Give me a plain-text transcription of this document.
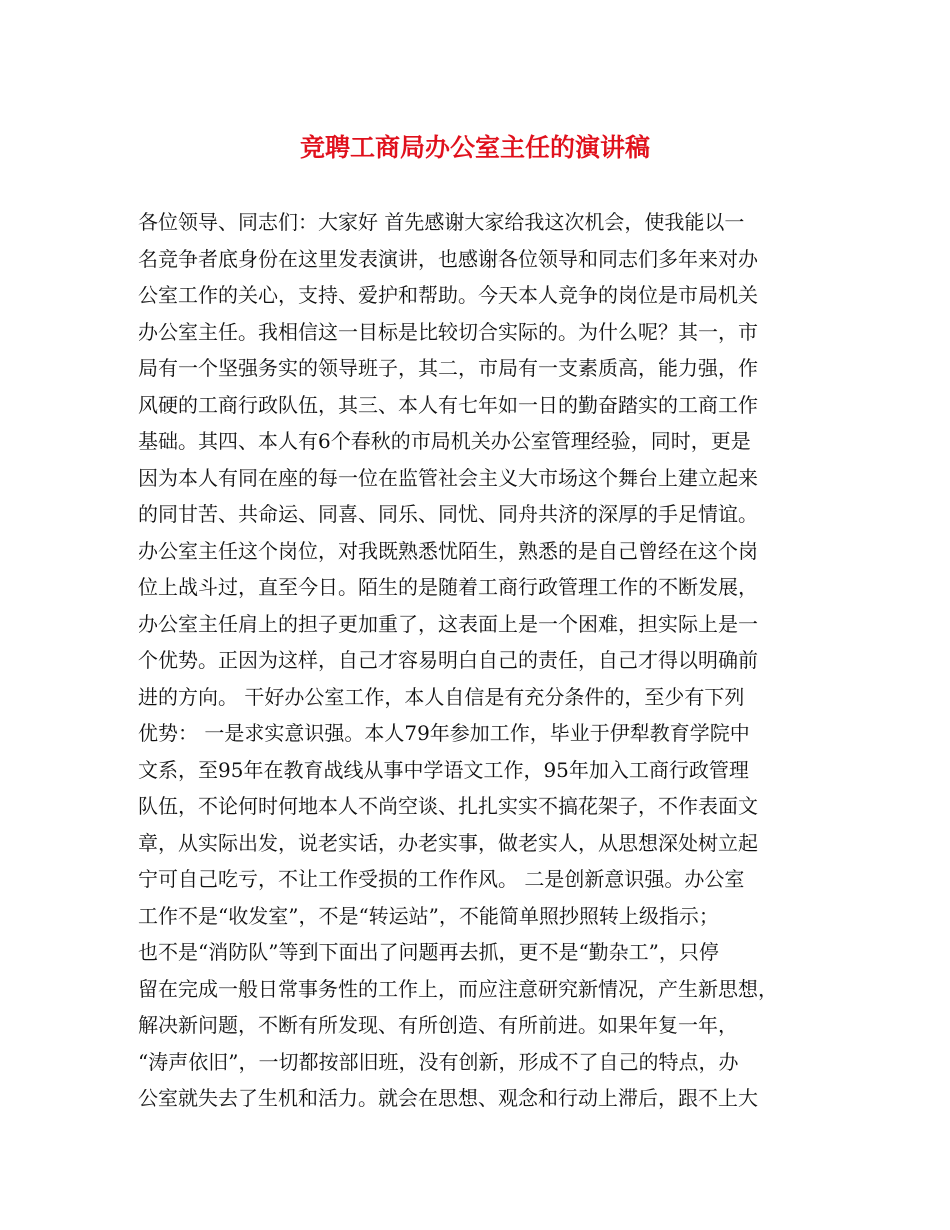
竞聘工商局办公室主任的演讲稿
各位领导、同志们：大家好 首先感谢大家给我这次机会，使我能以一
名竞争者底身份在这里发表演讲，也感谢各位领导和同志们多年来对办
公室工作的关心，支持、爱护和帮助。今天本人竞争的岗位是市局机关
办公室主任。我相信这一目标是比较切合实际的。为什么呢？其一，市
局有一个坚强务实的领导班子，其二，市局有一支素质高，能力强，作
风硬的工商行政队伍，其三、本人有七年如一日的勤奋踏实的工商工作
基础。其四、本人有6个春秋的市局机关办公室管理经验，同时，更是
因为本人有同在座的每一位在监管社会主义大市场这个舞台上建立起来
的同甘苦、共命运、同喜、同乐、同忧、同舟共济的深厚的手足情谊。
办公室主任这个岗位，对我既熟悉忧陌生，熟悉的是自己曾经在这个岗
位上战斗过，直至今日。陌生的是随着工商行政管理工作的不断发展，
办公室主任肩上的担子更加重了，这表面上是一个困难，担实际上是一
个优势。正因为这样，自己才容易明白自己的责任，自己才得以明确前
进的方向。 干好办公室工作，本人自信是有充分条件的，至少有下列
优势： 一是求实意识强。本人79年参加工作，毕业于伊犁教育学院中
文系，至95年在教育战线从事中学语文工作，95年加入工商行政管理
队伍，不论何时何地本人不尚空谈、扎扎实实不搞花架子，不作表面文
章，从实际出发，说老实话，办老实事，做老实人，从思想深处树立起
宁可自己吃亏，不让工作受损的工作作风。 二是创新意识强。办公室
工作不是“收发室”，不是“转运站”，不能简单照抄照转上级指示；
也不是“消防队”等到下面出了问题再去抓，更不是“勤杂工”，只停
留在完成一般日常事务性的工作上，而应注意研究新情况，产生新思想，
解决新问题，不断有所发现、有所创造、有所前进。如果年复一年，
“涛声依旧”，一切都按部旧班，没有创新，形成不了自己的特点，办
公室就失去了生机和活力。就会在思想、观念和行动上滞后，跟不上大
